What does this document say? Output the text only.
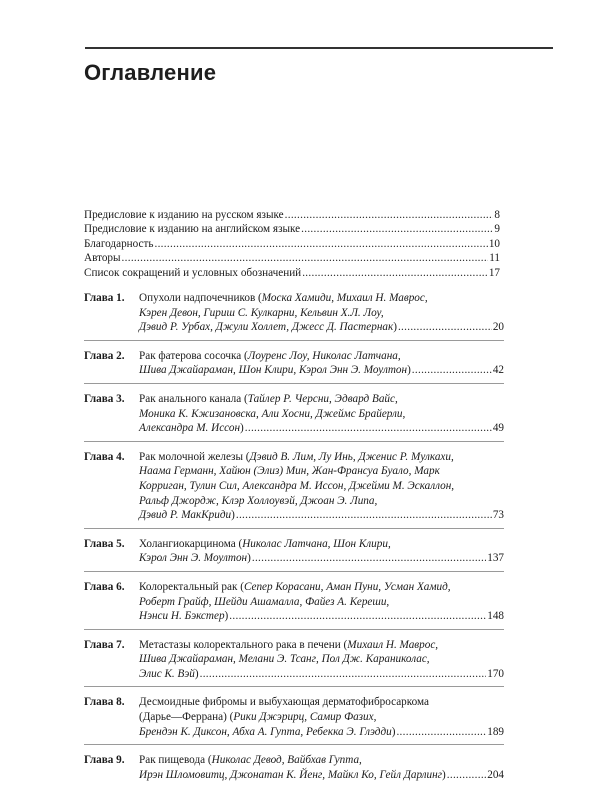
Оглавление
Предисловие к изданию на русском языке .....	8
Предисловие к изданию на английском языке .....	9
Благодарность .....	10
Авторы .....	11
Список сокращений и условных обозначений .....	17
Глава 1.	Опухоли надпочечников (Моска Хамиди, Михаил Н. Маврос,
Кэрен Девон, Гириш С. Кулкарни, Кельвин Х.Л. Лоу,
Дэвид Р. Урбах, Джули Холлет, Джесс Д. Пастернак) .....	20
Глава 2.	Рак фатерова сосочка (Лоуренс Лоу, Николас Латчана,
Шива Джайараман, Шон Клири, Кэрол Энн Э. Моултон) .....	42
Глава 3.	Рак анального канала (Тайлер Р. Черсни, Эдвард Вайс,
Моника К. Кжизановска, Али Хосни, Джеймс Брайерли,
Александра М. Иссон) .....	49
Глава 4.	Рак молочной железы (Дэвид В. Лим, Лу Инь, Дженис Р. Мулкахи,
Наама Германн, Хайюн (Элиз) Мин, Жан-Франсуа Буало, Марк
Корриган, Тулин Сил, Александра М. Иссон, Джейми М. Эскаллон,
Ральф Джордж, Клэр Холлоувэй, Джоан Э. Липа,
Дэвид Р. МакКриди) .....	73
Глава 5.	Холангиокарцинома (Николас Латчана, Шон Клири,
Кэрол Энн Э. Моултон) .....	137
Глава 6.	Колоректальный рак (Сепер Корасани, Аман Пуни, Усман Хамид,
Роберт Грайф, Шейди Ашамалла, Файез А. Кереши,
Нэнси Н. Бэкстер) .....	148
Глава 7.	Метастазы колоректального рака в печени (Михаил Н. Маврос,
Шива Джайараман, Мелани Э. Тсанг, Пол Дж. Караниколас,
Элис К. Вэй) .....	170
Глава 8.	Десмоидные фибромы и выбухающая дерматофибросаркома
(Дарье—Феррана) (Рики Джэрирц, Самир Фазих,
Брендэн К. Диксон, Абха А. Гупта, Ребекка Э. Глэдди) .....	189
Глава 9.	Рак пищевода (Николас Девод, Вайбхав Гупта,
Ирэн Шломовитц, Джонатан К. Йенг, Майкл Ко, Гейл Дарлинг) .....	204
